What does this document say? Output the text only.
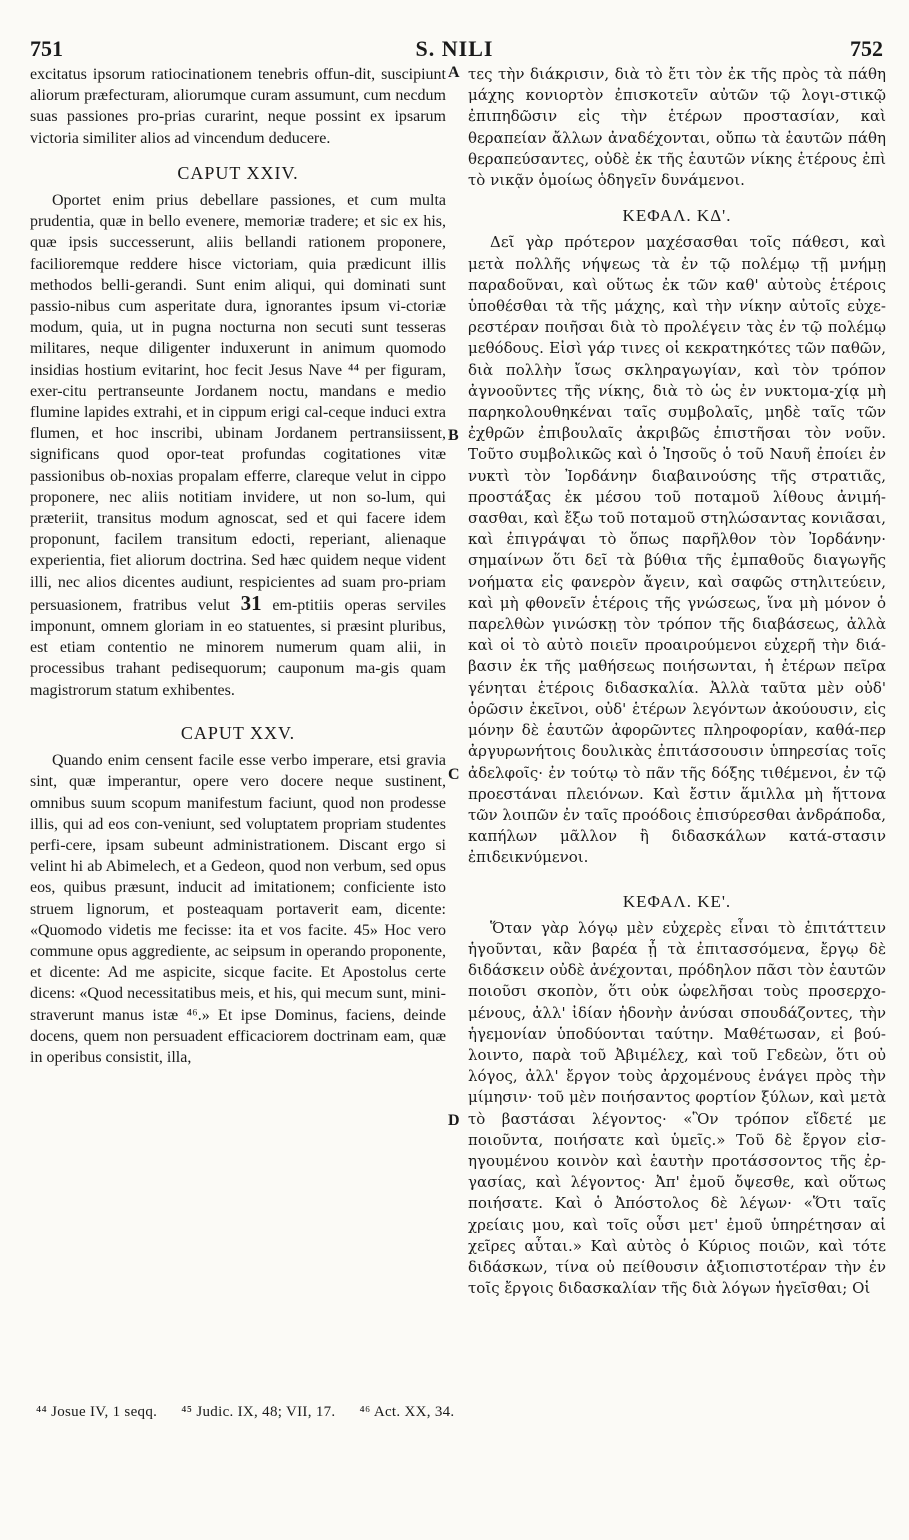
751	S. NILI	752

excitatus ipsorum ratiocinationem tenebris offun-dit, suscipiunt aliorum præfecturam, aliorumque curam assumunt, cum necdum suas passiones pro-prias curarint, neque possint ex ipsarum victoria similiter alios ad vincendum deducere.

CAPUT XXIV.

Oportet enim prius debellare passiones, et cum multa prudentia, quæ in bello evenere, memoriæ tradere; et sic ex his, quæ ipsis successerunt, aliis bellandi rationem proponere, facilioremque reddere hisce victoriam, quia prædicunt illis methodos belli-gerandi. Sunt enim aliqui, qui dominati sunt passio-nibus cum asperitate dura, ignorantes ipsum vi-ctoriæ modum, quia, ut in pugna nocturna non secuti sunt tesseras militares, neque diligenter induxerunt in animum quomodo insidias hostium evitarint, hoc fecit Jesus Nave ⁴⁴ per figuram, exer-citu pertranseunte Jordanem noctu, mandans e medio flumine lapides extrahi, et in cippum erigi cal-ceque induci extra flumen, et hoc inscribi, ubinam Jordanem pertransiissent, significans quod opor-teat profundas cogitationes vitæ passionibus ob-noxias propalam efferre, clareque velut in cippo proponere, nec aliis notitiam invidere, ut non so-lum, qui præteriit, transitus modum agnoscat, sed et qui facere idem proponunt, facilem transitum edocti, reperiant, alienaque experientia, fiet aliorum doctrina. Sed hæc quidem neque vident illi, nec alios dicentes audiunt, respicientes ad suam pro-priam persuasionem, fratribus velut 31 em-ptitiis operas serviles imponunt, omnem gloriam in eo statuentes, si præsint pluribus, est etiam contentio ne minorem numerum quam alii, in processibus trahant pedisequorum; cauponum ma-gis quam magistrorum statum exhibentes.

CAPUT XXV.

Quando enim censent facile esse verbo imperare, etsi gravia sint, quæ imperantur, opere vero docere neque sustinent, omnibus suum scopum manifestum faciunt, quod non prodesse illis, qui ad eos con-veniunt, sed voluptatem propriam studentes perfi-cere, ipsam subeunt administrationem. Discant ergo si velint hi ab Abimelech, et a Gedeon, quod non verbum, sed opus eos, quibus præsunt, inducit ad imitationem; conficiente isto struem lignorum, et posteaquam portaverit eam, dicente: «Quomodo videtis me fecisse: ita et vos facite. 45» Hoc vero commune opus aggrediente, ac seipsum in operando proponente, et dicente: Ad me aspicite, sicque facite. Et Apostolus certe dicens: «Quod necessitatibus meis, et his, qui mecum sunt, mini-straverunt manus istæ ⁴⁶.» Et ipse Dominus, faciens, deinde docens, quem non persuadent efficaciorem doctrinam eam, quæ in operibus consistit, illa,

A
B
C
D

τες τὴν διάκρισιν, διὰ τὸ ἔτι τὸν ἐκ τῆς πρὸς τὰ πάθη μάχης κονιορτὸν ἐπισκοτεῖν αὐτῶν τῷ λογι-στικῷ ἐπιπηδῶσιν εἰς τὴν ἑτέρων προστασίαν, καὶ θεραπείαν ἄλλων ἀναδέχονται, οὔπω τὰ ἑαυτῶν πάθη θεραπεύσαντες, οὐδὲ ἐκ τῆς ἑαυτῶν νίκης ἑτέρους ἐπὶ τὸ νικᾷν ὁμοίως ὁδηγεῖν δυνάμενοι.

ΚΕΦΑΛ. ΚΔ'.

Δεῖ γὰρ πρότερον μαχέσασθαι τοῖς πάθεσι, καὶ μετὰ πολλῆς νήψεως τὰ ἐν τῷ πολέμῳ τῇ μνήμῃ παραδοῦναι, καὶ οὕτως ἐκ τῶν καθ' αὐτοὺς ἑτέροις ὑποθέσθαι τὰ τῆς μάχης, καὶ τὴν νίκην αὐτοῖς εὐχε-ρεστέραν ποιῆσαι διὰ τὸ προλέγειν τὰς ἐν τῷ πολέμῳ μεθόδους. Εἰσὶ γάρ τινες οἱ κεκρατηκότες τῶν παθῶν, διὰ πολλὴν ἴσως σκληραγωγίαν, καὶ τὸν τρόπον ἀγνοοῦντες τῆς νίκης, διὰ τὸ ὡς ἐν νυκτομα-χίᾳ μὴ παρηκολουθηκέναι ταῖς συμβολαῖς, μηδὲ ταῖς τῶν ἐχθρῶν ἐπιβουλαῖς ἀκριβῶς ἐπιστῆσαι τὸν νοῦν. Τοῦτο συμβολικῶς καὶ ὁ Ἰησοῦς ὁ τοῦ Ναυῆ ἐποίει ἐν νυκτὶ τὸν Ἰορδάνην διαβαινούσης τῆς στρατιᾶς, προστάξας ἐκ μέσου τοῦ ποταμοῦ λίθους ἀνιμή-σασθαι, καὶ ἔξω τοῦ ποταμοῦ στηλώσαντας κονιᾶσαι, καὶ ἐπιγράψαι τὸ ὅπως παρῆλθον τὸν Ἰορδάνην· σημαίνων ὅτι δεῖ τὰ βύθια τῆς ἐμπαθοῦς διαγωγῆς νοήματα εἰς φανερὸν ἄγειν, καὶ σαφῶς στηλιτεύειν, καὶ μὴ φθονεῖν ἑτέροις τῆς γνώσεως, ἵνα μὴ μόνον ὁ παρελθὼν γινώσκῃ τὸν τρόπον τῆς διαβάσεως, ἀλλὰ καὶ οἱ τὸ αὐτὸ ποιεῖν προαιρούμενοι εὐχερῆ τὴν διά-βασιν ἐκ τῆς μαθήσεως ποιήσωνται, ἡ ἑτέρων πεῖρα γένηται ἑτέροις διδασκαλία. Ἀλλὰ ταῦτα μὲν οὐδ' ὁρῶσιν ἐκεῖνοι, οὐδ' ἑτέρων λεγόντων ἀκούουσιν, εἰς μόνην δὲ ἑαυτῶν ἀφορῶντες πληροφορίαν, καθά-περ ἀργυρωνήτοις δουλικὰς ἐπιτάσσουσιν ὑπηρεσίας τοῖς ἀδελφοῖς· ἐν τούτῳ τὸ πᾶν τῆς δόξης τιθέμενοι, ἐν τῷ προεστάναι πλειόνων. Καὶ ἔστιν ἅμιλλα μὴ ἥττονα τῶν λοιπῶν ἐν ταῖς προόδοις ἐπισύρεσθαι ἀνδράποδα, καπήλων μᾶλλον ἢ διδασκάλων κατά-στασιν ἐπιδεικνύμενοι.

ΚΕΦΑΛ. ΚΕ'.

Ὅταν γὰρ λόγῳ μὲν εὐχερὲς εἶναι τὸ ἐπιτάττειν ἡγοῦνται, κἂν βαρέα ᾖ τὰ ἐπιτασσόμενα, ἔργῳ δὲ διδάσκειν οὐδὲ ἀνέχονται, πρόδηλον πᾶσι τὸν ἑαυτῶν ποιοῦσι σκοπὸν, ὅτι οὐκ ὠφελῆσαι τοὺς προσερχο-μένους, ἀλλ' ἰδίαν ἡδονὴν ἀνύσαι σπουδάζοντες, τὴν ἡγεμονίαν ὑποδύονται ταύτην. Μαθέτωσαν, εἰ βού-λοιντο, παρὰ τοῦ Ἀβιμέλεχ, καὶ τοῦ Γεδεὼν, ὅτι οὐ λόγος, ἀλλ' ἔργον τοὺς ἀρχομένους ἐνάγει πρὸς τὴν μίμησιν· τοῦ μὲν ποιήσαντος φορτίον ξύλων, καὶ μετὰ τὸ βαστάσαι λέγοντος· «Ὃν τρόπον εἴδετέ με ποιοῦντα, ποιήσατε καὶ ὑμεῖς.» Τοῦ δὲ ἔργον εἰσ-ηγουμένου κοινὸν καὶ ἑαυτὴν προτάσσοντος τῆς ἐρ-γασίας, καὶ λέγοντος· Ἀπ' ἐμοῦ ὄψεσθε, καὶ οὕτως ποιήσατε. Καὶ ὁ Ἀπόστολος δὲ λέγων· «Ὅτι ταῖς χρείαις μου, καὶ τοῖς οὖσι μετ' ἐμοῦ ὑπηρέτησαν αἱ χεῖρες αὗται.» Καὶ αὐτὸς ὁ Κύριος ποιῶν, καὶ τότε διδάσκων, τίνα οὐ πείθουσιν ἀξιοπιστοτέραν τὴν ἐν τοῖς ἔργοις διδασκαλίαν τῆς διὰ λόγων ἡγεῖσθαι; Οἱ

⁴⁴ Josue IV, 1 seqq. ⁴⁵ Judic. IX, 48; VII, 17. ⁴⁶ Act. XX, 34.
